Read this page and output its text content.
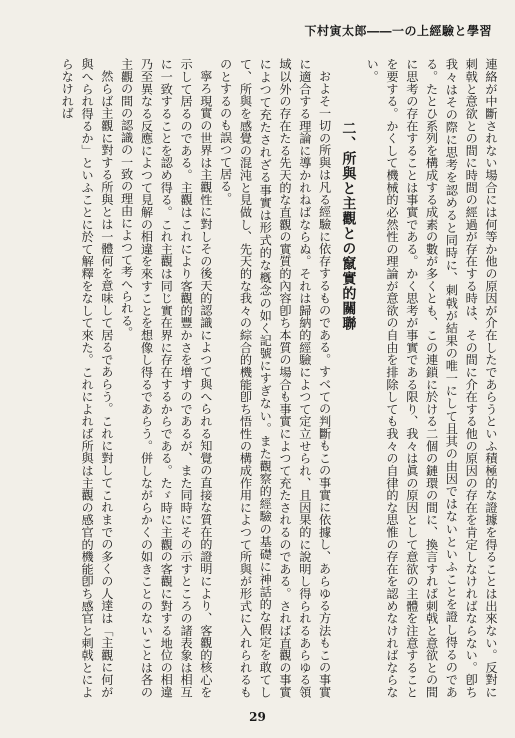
下村寅太郎――一の上經驗と學習

連絡が中斷されない場合には何等か他の原因が介在したであらうといふ積極的な證據を得ることは出來ない。反對に刺戟と意欲との間に時間の經過が存在する時は、その間に介在する他の原因の存在を肯定しなければならない。卽ち我々はその際に思考を認めると同時に、刺戟が結果の唯一にして且其の由因ではないといふことを證し得るのである。たとひ系列を構成する成素の數が多くとも、この連鎖に於ける二個の鏈環の間に、換言すれば刺戟と意欲との間に思考の存在することは事實である。かく思考が事實である限り、我々は眞の原因として意欲の主體を注意することを要する。かくして機械的必然性の理論が意欲の自由を排除しても我々の自律的な思惟の存在を認めなければならない。

二、所與と主觀との竄實的關聯

およそ一切の所與は凡る經驗に依存するものである。すべての判斷もこの事實に依據し、あらゆる方法もこの事實に適合する理論に導かれねばならぬ。それは歸納的經驗によつて定立せられ、且因果的に說明し得られるあらゆる領域以外の存在たる先天的な直觀の實質的內容卽ち本質の場合も事實によつて充たされるのである。されば直觀の事實によつて充たされざる事實は形式的な槪念の如く記號にすぎない。また觀察的經驗の基礎に神話的な假定を敢てして、所與を感覺の混沌と見做し、先天的な我々の綜合的機能卽ち悟性の構成作用によつて所與が形式に入れられるものとするのも誤つて居る。

寧ろ現實の世界は主觀性に對しその後天的認識によつて與へられる知覺の直接な質在的證明により、客觀的核心を示して居るのである。主觀はこれにより客觀的豐かさを增すのであるが、また同時にその示すところの諸表象は相互に一致することを認め得る。これ主觀は同じ實在界に存在するからである。たゞ時に主觀の客觀に對する地位の相違乃至異なる反應によつて見解の相違を來すことを想像し得るであらう。併しながらかくの如きことのないことは各の主觀の間の認識の一致の理由によつて考へられる。

然らば主觀に對する所與とは一體何を意味して居るであらう。これに對してこれまでの多くの人達は「主觀に何が與へられ得るか」といふことに於て解釋をなして來た。これによれば所與は主觀の感官的機能卽ち感官と刺戟とによらなければ

29
